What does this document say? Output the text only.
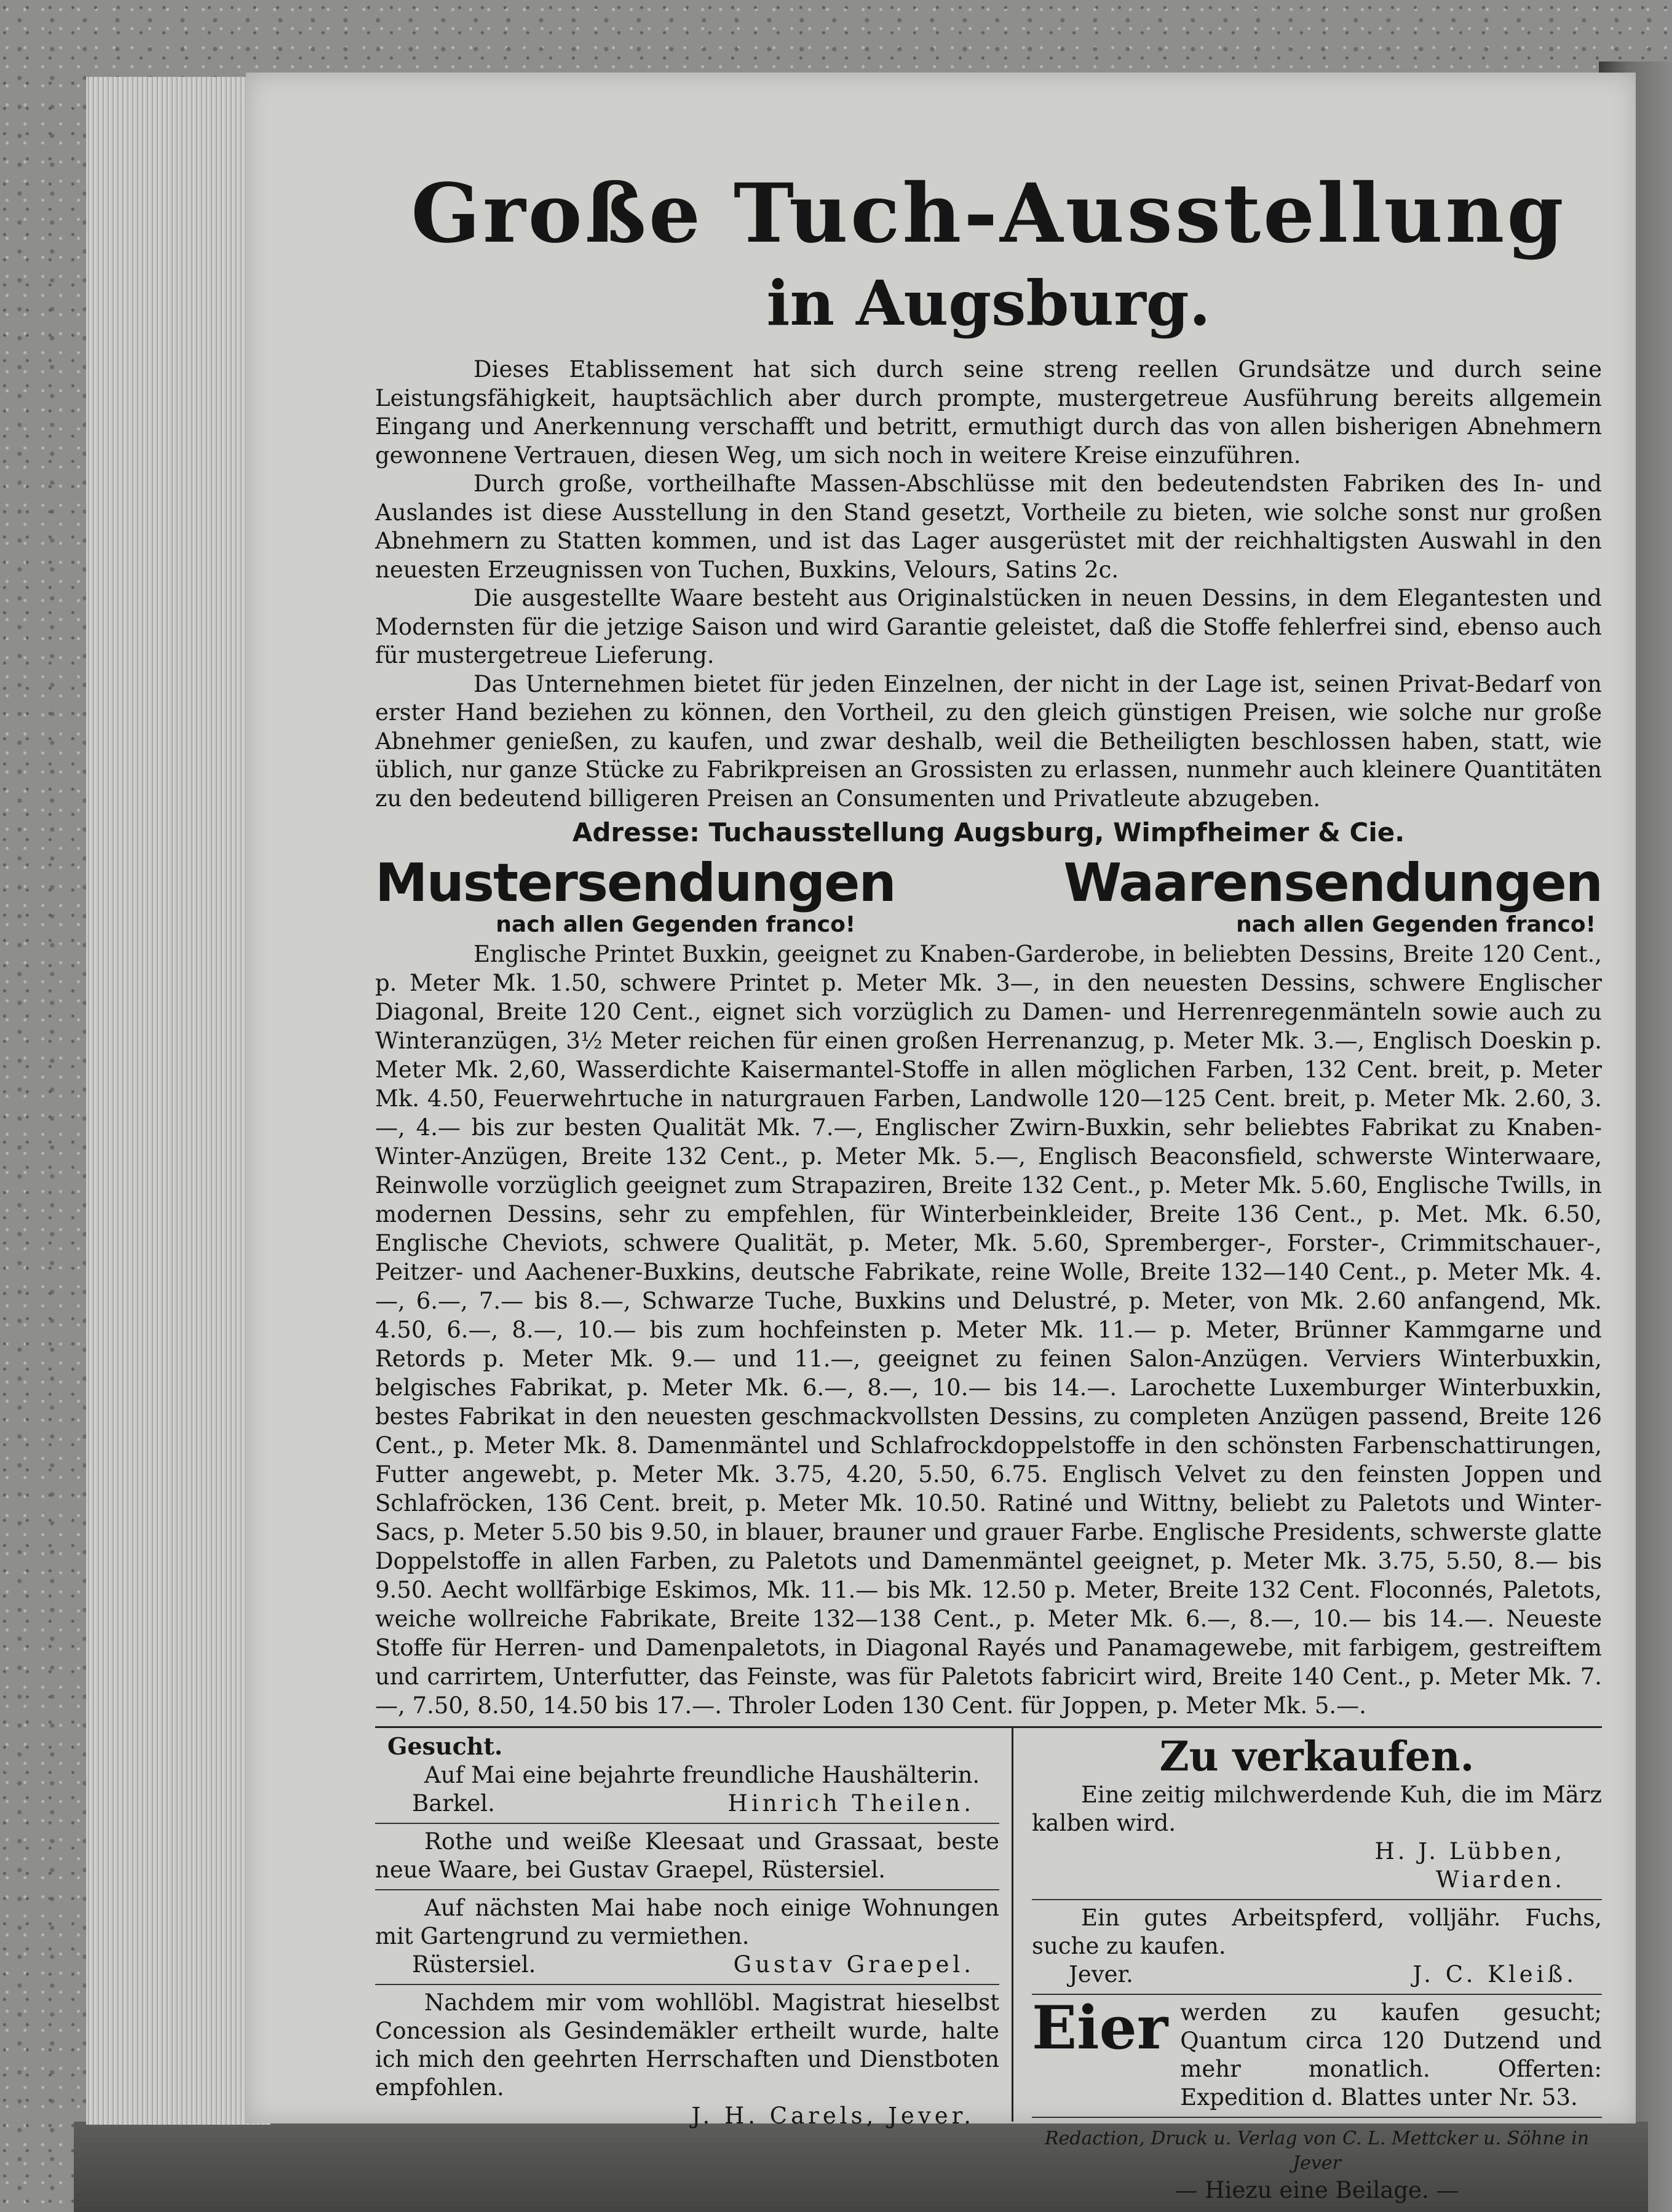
Große Tuch-Ausstellung
in Augsburg.

Dieses Etablissement hat sich durch seine streng reellen Grundsätze und durch seine Leistungsfähigkeit, hauptsächlich aber durch prompte, mustergetreue Ausführung bereits allgemein Eingang und Anerkennung verschafft und betritt, ermuthigt durch das von allen bisherigen Abnehmern gewonnene Vertrauen, diesen Weg, um sich noch in weitere Kreise einzuführen.

Durch große, vortheilhafte Massen-Abschlüsse mit den bedeutendsten Fabriken des In- und Auslandes ist diese Ausstellung in den Stand gesetzt, Vortheile zu bieten, wie solche sonst nur großen Abnehmern zu Statten kommen, und ist das Lager ausgerüstet mit der reichhaltigsten Auswahl in den neuesten Erzeugnissen von Tuchen, Buxkins, Velours, Satins 2c.

Die ausgestellte Waare besteht aus Originalstücken in neuen Dessins, in dem Elegantesten und Modernsten für die jetzige Saison und wird Garantie geleistet, daß die Stoffe fehlerfrei sind, ebenso auch für mustergetreue Lieferung.

Das Unternehmen bietet für jeden Einzelnen, der nicht in der Lage ist, seinen Privat-Bedarf von erster Hand beziehen zu können, den Vortheil, zu den gleich günstigen Preisen, wie solche nur große Abnehmer genießen, zu kaufen, und zwar deshalb, weil die Betheiligten beschlossen haben, statt, wie üblich, nur ganze Stücke zu Fabrikpreisen an Grossisten zu erlassen, nunmehr auch kleinere Quantitäten zu den bedeutend billigeren Preisen an Consumenten und Privatleute abzugeben.

Adresse: Tuchausstellung Augsburg, Wimpfheimer & Cie.
Mustersendungen
nach allen Gegenden franco!
Waarensendungen
nach allen Gegenden franco!

Englische Printet Buxkin, geeignet zu Knaben-Garderobe, in beliebten Dessins, Breite 120 Cent., p. Meter Mk. 1.50, schwere Printet p. Meter Mk. 3—, in den neuesten Dessins, schwere Englischer Diagonal, Breite 120 Cent., eignet sich vorzüglich zu Damen- und Herrenregenmänteln sowie auch zu Winteranzügen, 3½ Meter reichen für einen großen Herrenanzug, p. Meter Mk. 3.—, Englisch Doeskin p. Meter Mk. 2,60, Wasserdichte Kaisermantel-Stoffe in allen möglichen Farben, 132 Cent. breit, p. Meter Mk. 4.50, Feuerwehrtuche in naturgrauen Farben, Landwolle 120—125 Cent. breit, p. Meter Mk. 2.60, 3.—, 4.— bis zur besten Qualität Mk. 7.—, Englischer Zwirn-Buxkin, sehr beliebtes Fabrikat zu Knaben-Winter-Anzügen, Breite 132 Cent., p. Meter Mk. 5.—, Englisch Beaconsfield, schwerste Winterwaare, Reinwolle vorzüglich geeignet zum Strapaziren, Breite 132 Cent., p. Meter Mk. 5.60, Englische Twills, in modernen Dessins, sehr zu empfehlen, für Winterbeinkleider, Breite 136 Cent., p. Met. Mk. 6.50, Englische Cheviots, schwere Qualität, p. Meter, Mk. 5.60, Spremberger-, Forster-, Crimmitschauer-, Peitzer- und Aachener-Buxkins, deutsche Fabrikate, reine Wolle, Breite 132—140 Cent., p. Meter Mk. 4.—, 6.—, 7.— bis 8.—, Schwarze Tuche, Buxkins und Delustré, p. Meter, von Mk. 2.60 anfangend, Mk. 4.50, 6.—, 8.—, 10.— bis zum hochfeinsten p. Meter Mk. 11.— p. Meter, Brünner Kammgarne und Retords p. Meter Mk. 9.— und 11.—, geeignet zu feinen Salon-Anzügen. Verviers Winterbuxkin, belgisches Fabrikat, p. Meter Mk. 6.—, 8.—, 10.— bis 14.—. Larochette Luxemburger Winterbuxkin, bestes Fabrikat in den neuesten geschmackvollsten Dessins, zu completen Anzügen passend, Breite 126 Cent., p. Meter Mk. 8. Damenmäntel und Schlafrockdoppelstoffe in den schönsten Farbenschattirungen, Futter angewebt, p. Meter Mk. 3.75, 4.20, 5.50, 6.75. Englisch Velvet zu den feinsten Joppen und Schlafröcken, 136 Cent. breit, p. Meter Mk. 10.50. Ratiné und Wittny, beliebt zu Paletots und Winter-Sacs, p. Meter 5.50 bis 9.50, in blauer, brauner und grauer Farbe. Englische Presidents, schwerste glatte Doppelstoffe in allen Farben, zu Paletots und Damenmäntel geeignet, p. Meter Mk. 3.75, 5.50, 8.— bis 9.50. Aecht wollfärbige Eskimos, Mk. 11.— bis Mk. 12.50 p. Meter, Breite 132 Cent. Floconnés, Paletots, weiche wollreiche Fabrikate, Breite 132—138 Cent., p. Meter Mk. 6.—, 8.—, 10.— bis 14.—. Neueste Stoffe für Herren- und Damenpaletots, in Diagonal Rayés und Panamagewebe, mit farbigem, gestreiftem und carrirtem, Unterfutter, das Feinste, was für Paletots fabricirt wird, Breite 140 Cent., p. Meter Mk. 7.—, 7.50, 8.50, 14.50 bis 17.—. Throler Loden 130 Cent. für Joppen, p. Meter Mk. 5.—.

Gesucht.

Auf Mai eine bejahrte freundliche Haushälterin.

Barkel.	Hinrich Theilen.

Rothe und weiße Kleesaat und Grassaat, beste neue Waare, bei Gustav Graepel, Rüstersiel.

Auf nächsten Mai habe noch einige Wohnungen mit Gartengrund zu vermiethen.

Rüstersiel.	Gustav Graepel.

Nachdem mir vom wohllöbl. Magistrat hieselbst Concession als Gesindemäkler ertheilt wurde, halte ich mich den geehrten Herrschaften und Dienstboten empfohlen.

J. H. Carels, Jever.

Zu verkaufen.

Eine zeitig milchwerdende Kuh, die im März kalben wird.

H. J. Lübben,
Wiarden.

Ein gutes Arbeitspferd, volljähr. Fuchs, suche zu kaufen.

Jever.	J. C. Kleiß.
Eier werden zu kaufen gesucht; Quantum circa 120 Dutzend und mehr monatlich. Offerten: Expedition d. Blattes unter Nr. 53.
Redaction, Druck u. Verlag von C. L. Mettcker u. Söhne in Jever
— Hiezu eine Beilage. —
